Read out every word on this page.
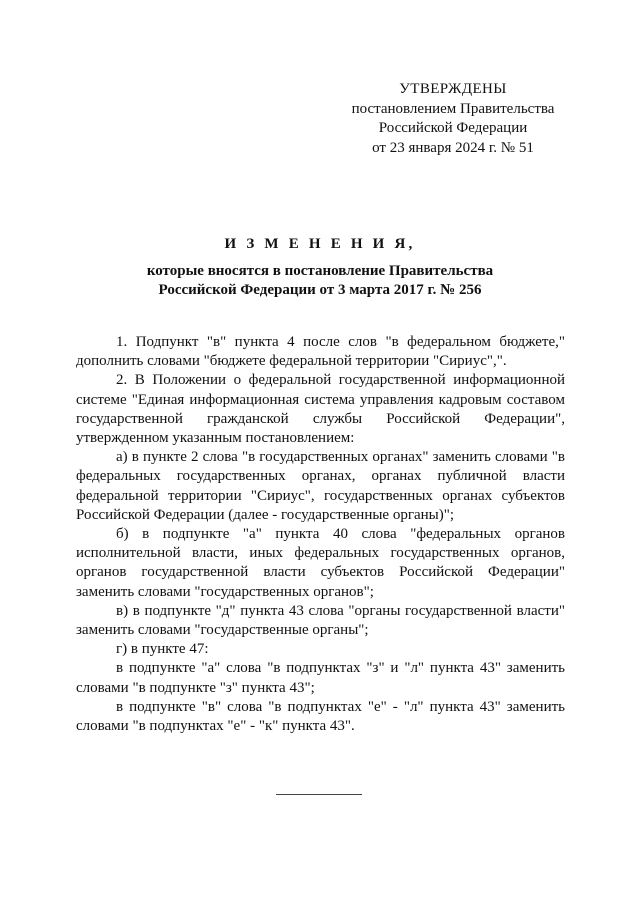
УТВЕРЖДЕНЫ
постановлением Правительства
Российской Федерации
от 23 января 2024 г. № 51
И З М Е Н Е Н И Я,
которые вносятся в постановление Правительства
Российской Федерации от 3 марта 2017 г. № 256

1. Подпункт "в" пункта 4 после слов "в федеральном бюджете," дополнить словами "бюджете федеральной территории "Сириус",".

2. В Положении о федеральной государственной информационной системе "Единая информационная система управления кадровым составом государственной гражданской службы Российской Федерации", утвержденном указанным постановлением:

а) в пункте 2 слова "в государственных органах" заменить словами "в федеральных государственных органах, органах публичной власти федеральной территории "Сириус", государственных органах субъектов Российской Федерации (далее - государственные органы)";

б) в подпункте "а" пункта 40 слова "федеральных органов исполнительной власти, иных федеральных государственных органов, органов государственной власти субъектов Российской Федерации" заменить словами "государственных органов";

в) в подпункте "д" пункта 43 слова "органы государственной власти" заменить словами "государственные органы";

г) в пункте 47:

в подпункте "а" слова "в подпунктах "з" и "л" пункта 43" заменить словами "в подпункте "з" пункта 43";

в подпункте "в" слова "в подпунктах "е" - "л" пункта 43" заменить словами "в подпунктах "е" - "к" пункта 43".
